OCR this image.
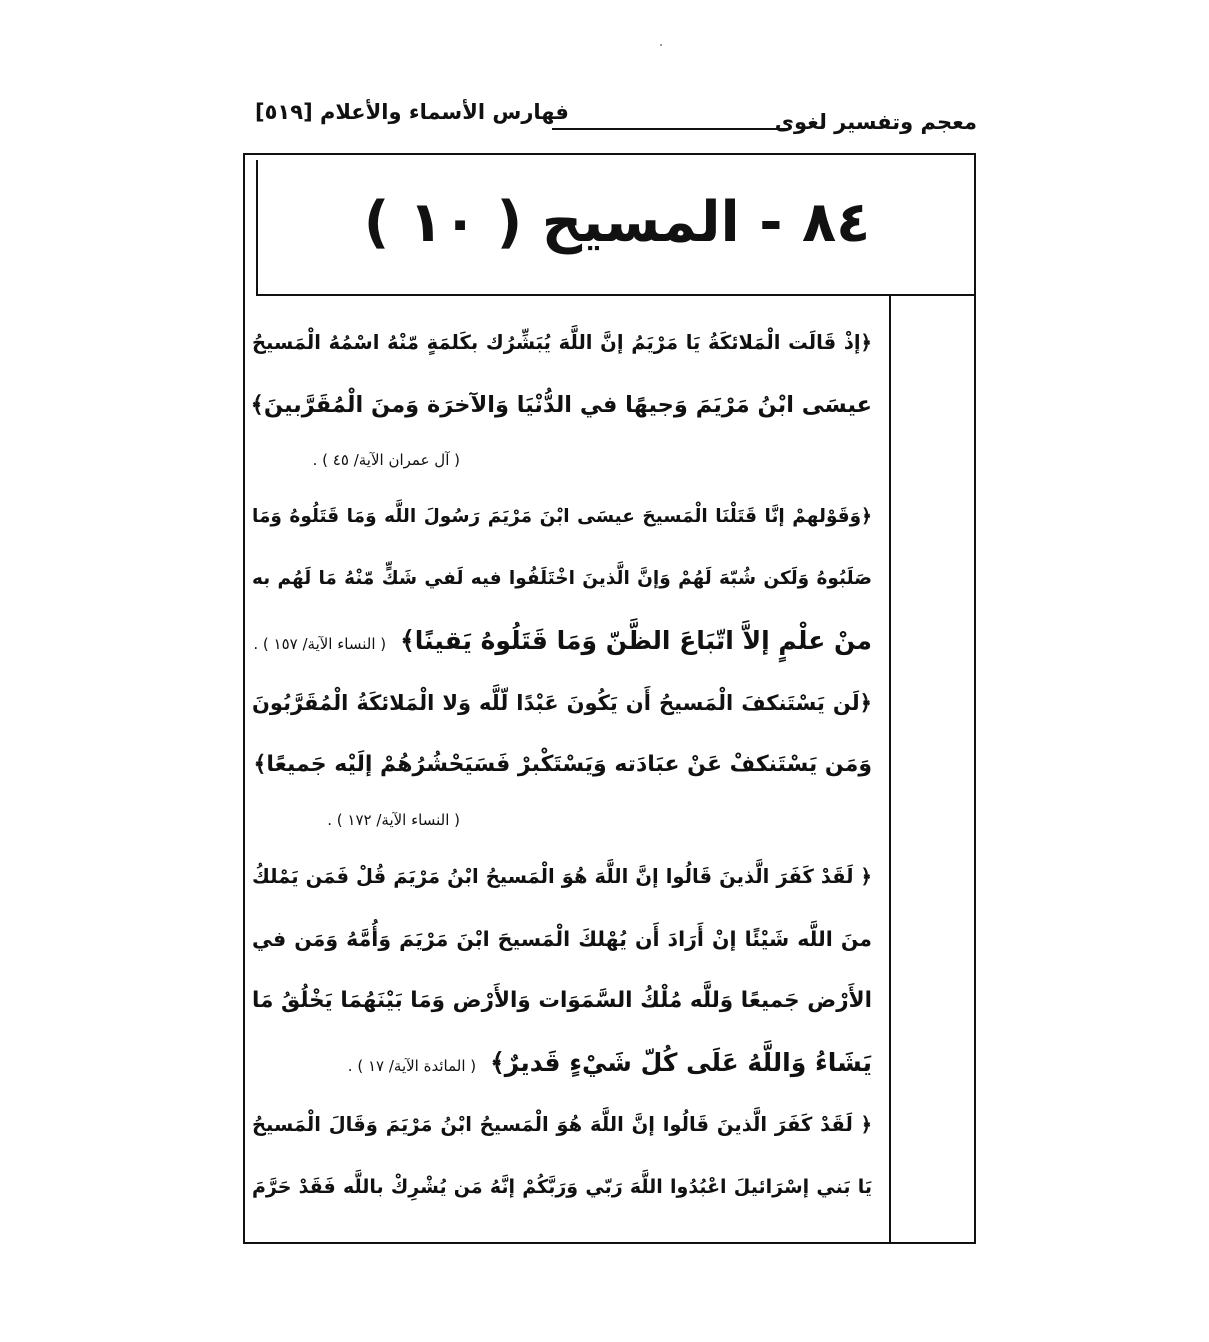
فهارس الأسماء والأعلام [٥١٩]	معجم وتفسير لغوى
٨٤ - المسيح ( ١٠ )
﴿إذْ قَالَت الْمَلائكَةُ يَا مَرْيَمُ إنَّ اللَّهَ يُبَشِّرُك بكَلمَةٍ مّنْهُ اسْمُهُ الْمَسيحُ
عيسَى ابْنُ مَرْيَمَ وَجيهًا في الدُّنْيَا وَالآخرَة وَمنَ الْمُقَرَّبينَ﴾
( آل عمران الآية/ ٤٥ ) .
﴿وَقَوْلهمْ إنَّا قَتَلْنَا الْمَسيحَ عيسَى ابْنَ مَرْيَمَ رَسُولَ اللَّه وَمَا قَتَلُوهُ وَمَا
صَلَبُوهُ وَلَكن شُبّهَ لَهُمْ وَإنَّ الَّذينَ اخْتَلَفُوا فيه لَفي شَكٍّ مّنْهُ مَا لَهُم به
منْ علْمٍ إلاَّ اتّبَاعَ الظَّنّ وَمَا قَتَلُوهُ يَقينًا﴾( النساء الآية/ ١٥٧ ) .
﴿لَن يَسْتَنكفَ الْمَسيحُ أَن يَكُونَ عَبْدًا لّلَّه وَلا الْمَلائكَةُ الْمُقَرَّبُونَ
وَمَن يَسْتَنكفْ عَنْ عبَادَته وَيَسْتَكْبرْ فَسَيَحْشُرُهُمْ إلَيْه جَميعًا﴾
( النساء الآية/ ١٧٢ ) .
﴿ لَقَدْ كَفَرَ الَّذينَ قَالُوا إنَّ اللَّهَ هُوَ الْمَسيحُ ابْنُ مَرْيَمَ قُلْ فَمَن يَمْلكُ
منَ اللَّه شَيْئًا إنْ أَرَادَ أَن يُهْلكَ الْمَسيحَ ابْنَ مَرْيَمَ وَأُمَّهُ وَمَن في
الأَرْض جَميعًا وَللَّه مُلْكُ السَّمَوَات وَالأَرْض وَمَا بَيْنَهُمَا يَخْلُقُ مَا
يَشَاءُ وَاللَّهُ عَلَى كُلّ شَيْءٍ قَديرٌ﴾( المائدة الآية/ ١٧ ) .
﴿ لَقَدْ كَفَرَ الَّذينَ قَالُوا إنَّ اللَّهَ هُوَ الْمَسيحُ ابْنُ مَرْيَمَ وَقَالَ الْمَسيحُ
يَا بَني إسْرَائيلَ اعْبُدُوا اللَّهَ رَبّي وَرَبَّكُمْ إنَّهُ مَن يُشْرِكْ باللَّه فَقَدْ حَرَّمَ
